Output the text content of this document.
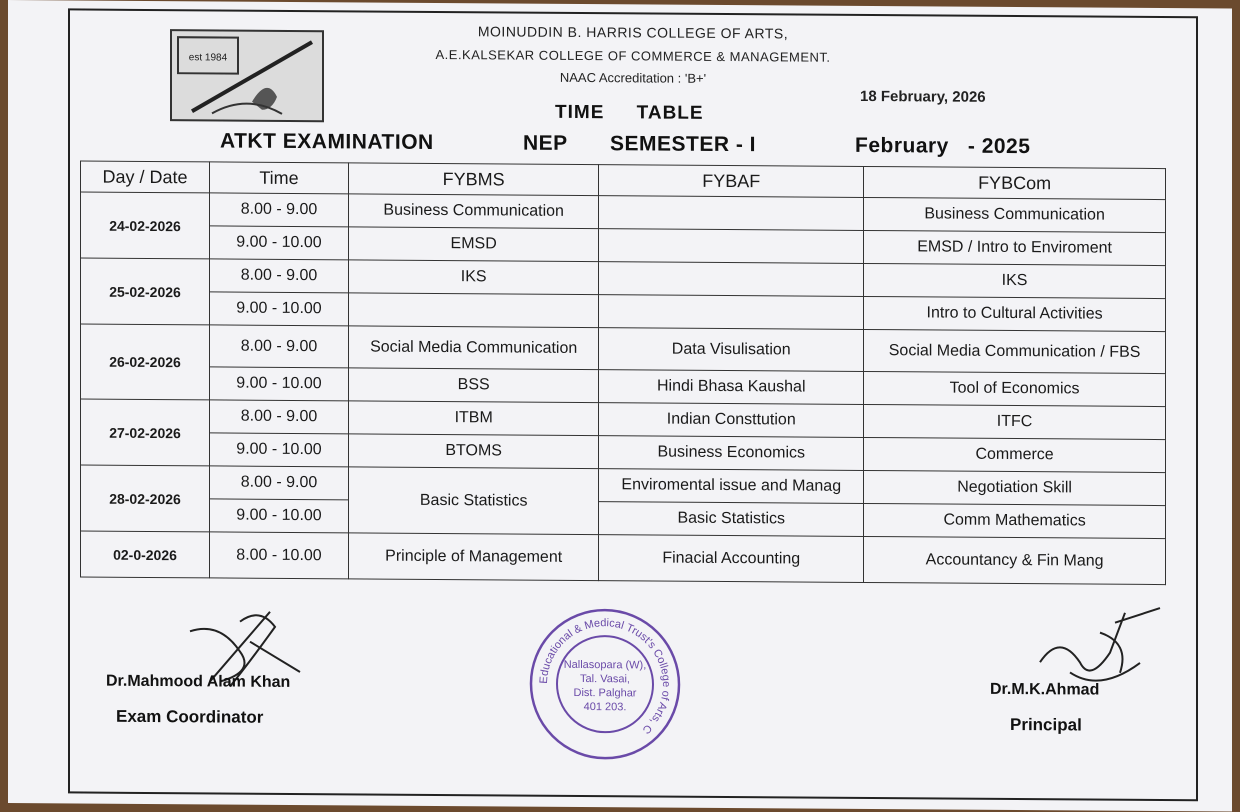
est 1984
MOINUDDIN B. HARRIS COLLEGE OF ARTS,
A.E.KALSEKAR COLLEGE OF COMMERCE & MANAGEMENT.
NAAC Accreditation : 'B+'
18 February, 2026
TIME TABLE
ATKT EXAMINATION	NEP SEMESTER - I	February   - 2025
Day / Date	Time	FYBMS	FYBAF	FYBCom
24-02-2026	8.00 - 9.00	Business Communication		Business Communication
	9.00 - 10.00	EMSD		EMSD / Intro to Enviroment
25-02-2026	8.00 - 9.00	IKS		IKS
	9.00 - 10.00			Intro to Cultural Activities
26-02-2026	8.00 - 9.00	Social Media Communication	Data Visulisation	Social Media Communication / FBS
	9.00 - 10.00	BSS	Hindi Bhasa Kaushal	Tool of Economics
27-02-2026	8.00 - 9.00	ITBM	Indian Consttution	ITFC
	9.00 - 10.00	BTOMS	Business Economics	Commerce
28-02-2026	8.00 - 9.00	Basic Statistics	Enviromental issue and Manag	Negotiation Skill
	9.00 - 10.00		Basic Statistics	Comm Mathematics
02-0-2026	8.00 - 10.00	Principle of Management	Finacial Accounting	Accountancy & Fin Mang
Dr.Mahmood Alam Khan
Exam Coordinator
Educational & Medical Trust's College of Arts, C
Nallasopara (W),
Tal. Vasai,
Dist. Palghar
401 203.
Dr.M.K.Ahmad
Principal
